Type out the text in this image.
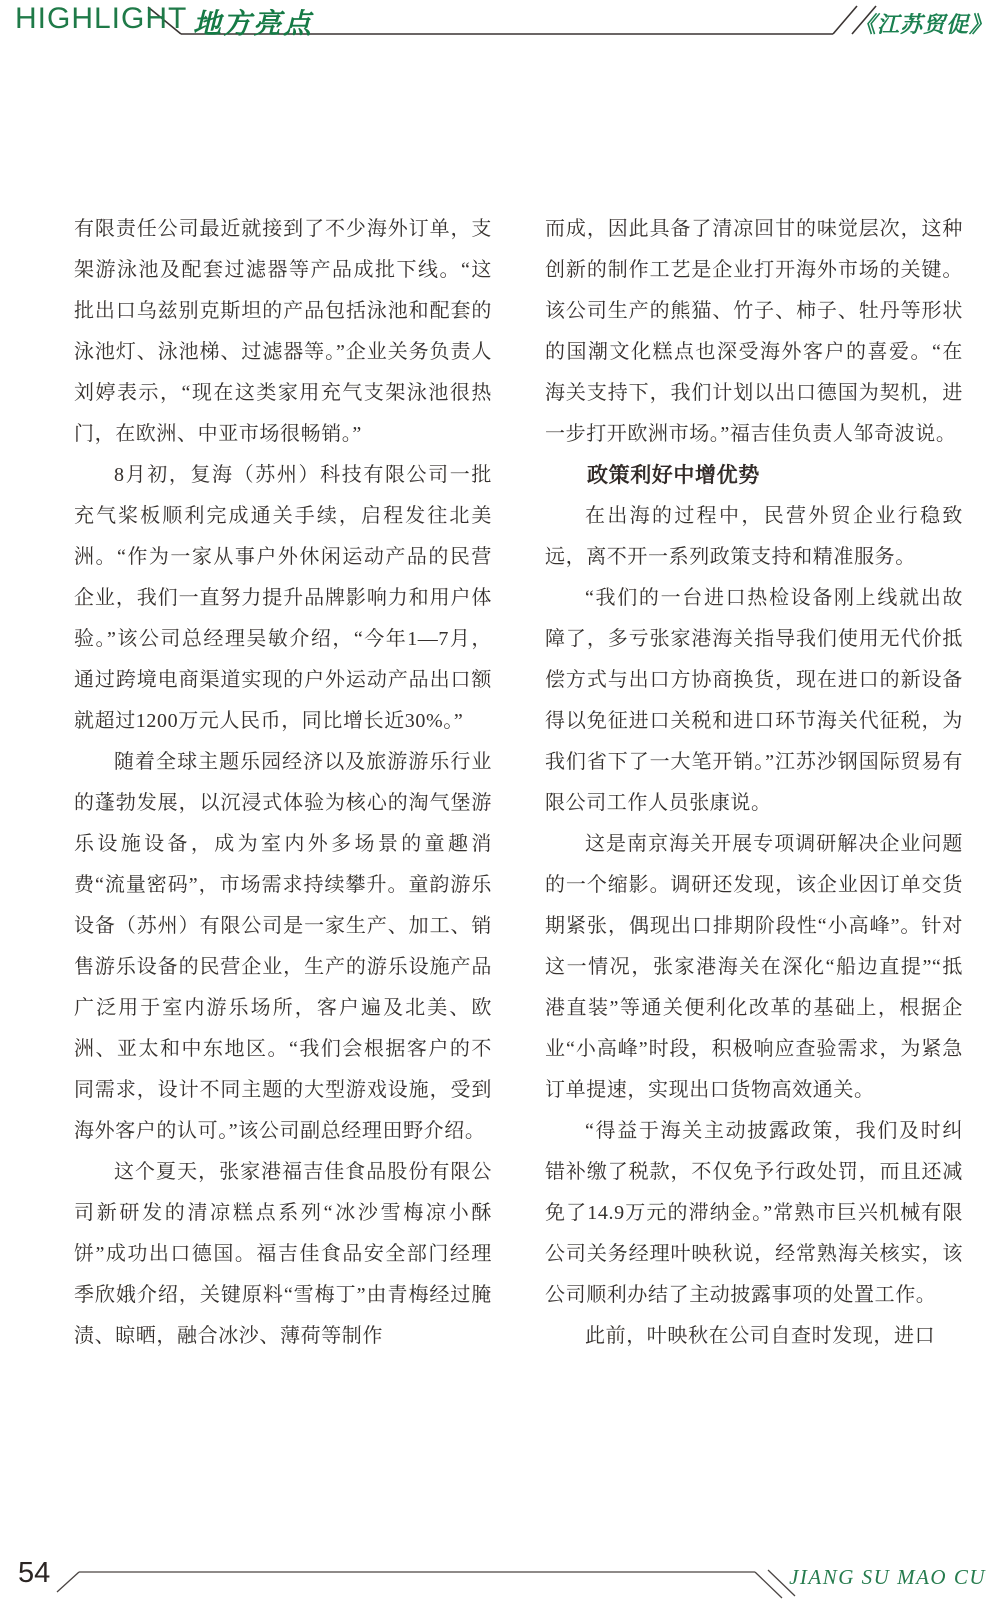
HIGHLIGHT 地方亮点	《江苏贸促》

有限责任公司最近就接到了不少海外订单，支架游泳池及配套过滤器等产品成批下线。“这批出口乌兹别克斯坦的产品包括泳池和配套的泳池灯、泳池梯、过滤器等。”企业关务负责人刘婷表示，“现在这类家用充气支架泳池很热门，在欧洲、中亚市场很畅销。”

8月初，复海（苏州）科技有限公司一批充气桨板顺利完成通关手续，启程发往北美洲。“作为一家从事户外休闲运动产品的民营企业，我们一直努力提升品牌影响力和用户体验。”该公司总经理吴敏介绍，“今年1—7月，通过跨境电商渠道实现的户外运动产品出口额就超过1200万元人民币，同比增长近30%。”

随着全球主题乐园经济以及旅游游乐行业的蓬勃发展，以沉浸式体验为核心的淘气堡游乐设施设备，成为室内外多场景的童趣消费“流量密码”，市场需求持续攀升。童韵游乐设备（苏州）有限公司是一家生产、加工、销售游乐设备的民营企业，生产的游乐设施产品广泛用于室内游乐场所，客户遍及北美、欧洲、亚太和中东地区。“我们会根据客户的不同需求，设计不同主题的大型游戏设施，受到海外客户的认可。”该公司副总经理田野介绍。

这个夏天，张家港福吉佳食品股份有限公司新研发的清凉糕点系列“冰沙雪梅凉小酥饼”成功出口德国。福吉佳食品安全部门经理季欣娥介绍，关键原料“雪梅丁”由青梅经过腌渍、晾晒，融合冰沙、薄荷等制作

而成，因此具备了清凉回甘的味觉层次，这种创新的制作工艺是企业打开海外市场的关键。该公司生产的熊猫、竹子、柿子、牡丹等形状的国潮文化糕点也深受海外客户的喜爱。“在海关支持下，我们计划以出口德国为契机，进一步打开欧洲市场。”福吉佳负责人邹奇波说。

政策利好中增优势

在出海的过程中，民营外贸企业行稳致远，离不开一系列政策支持和精准服务。

“我们的一台进口热检设备刚上线就出故障了，多亏张家港海关指导我们使用无代价抵偿方式与出口方协商换货，现在进口的新设备得以免征进口关税和进口环节海关代征税，为我们省下了一大笔开销。”江苏沙钢国际贸易有限公司工作人员张康说。

这是南京海关开展专项调研解决企业问题的一个缩影。调研还发现，该企业因订单交货期紧张，偶现出口排期阶段性“小高峰”。针对这一情况，张家港海关在深化“船边直提”“抵港直装”等通关便利化改革的基础上，根据企业“小高峰”时段，积极响应查验需求，为紧急订单提速，实现出口货物高效通关。

“得益于海关主动披露政策，我们及时纠错补缴了税款，不仅免予行政处罚，而且还减免了14.9万元的滞纳金。”常熟市巨兴机械有限公司关务经理叶映秋说，经常熟海关核实，该公司顺利办结了主动披露事项的处置工作。

此前，叶映秋在公司自查时发现，进口

54	JIANG SU MAO CU
